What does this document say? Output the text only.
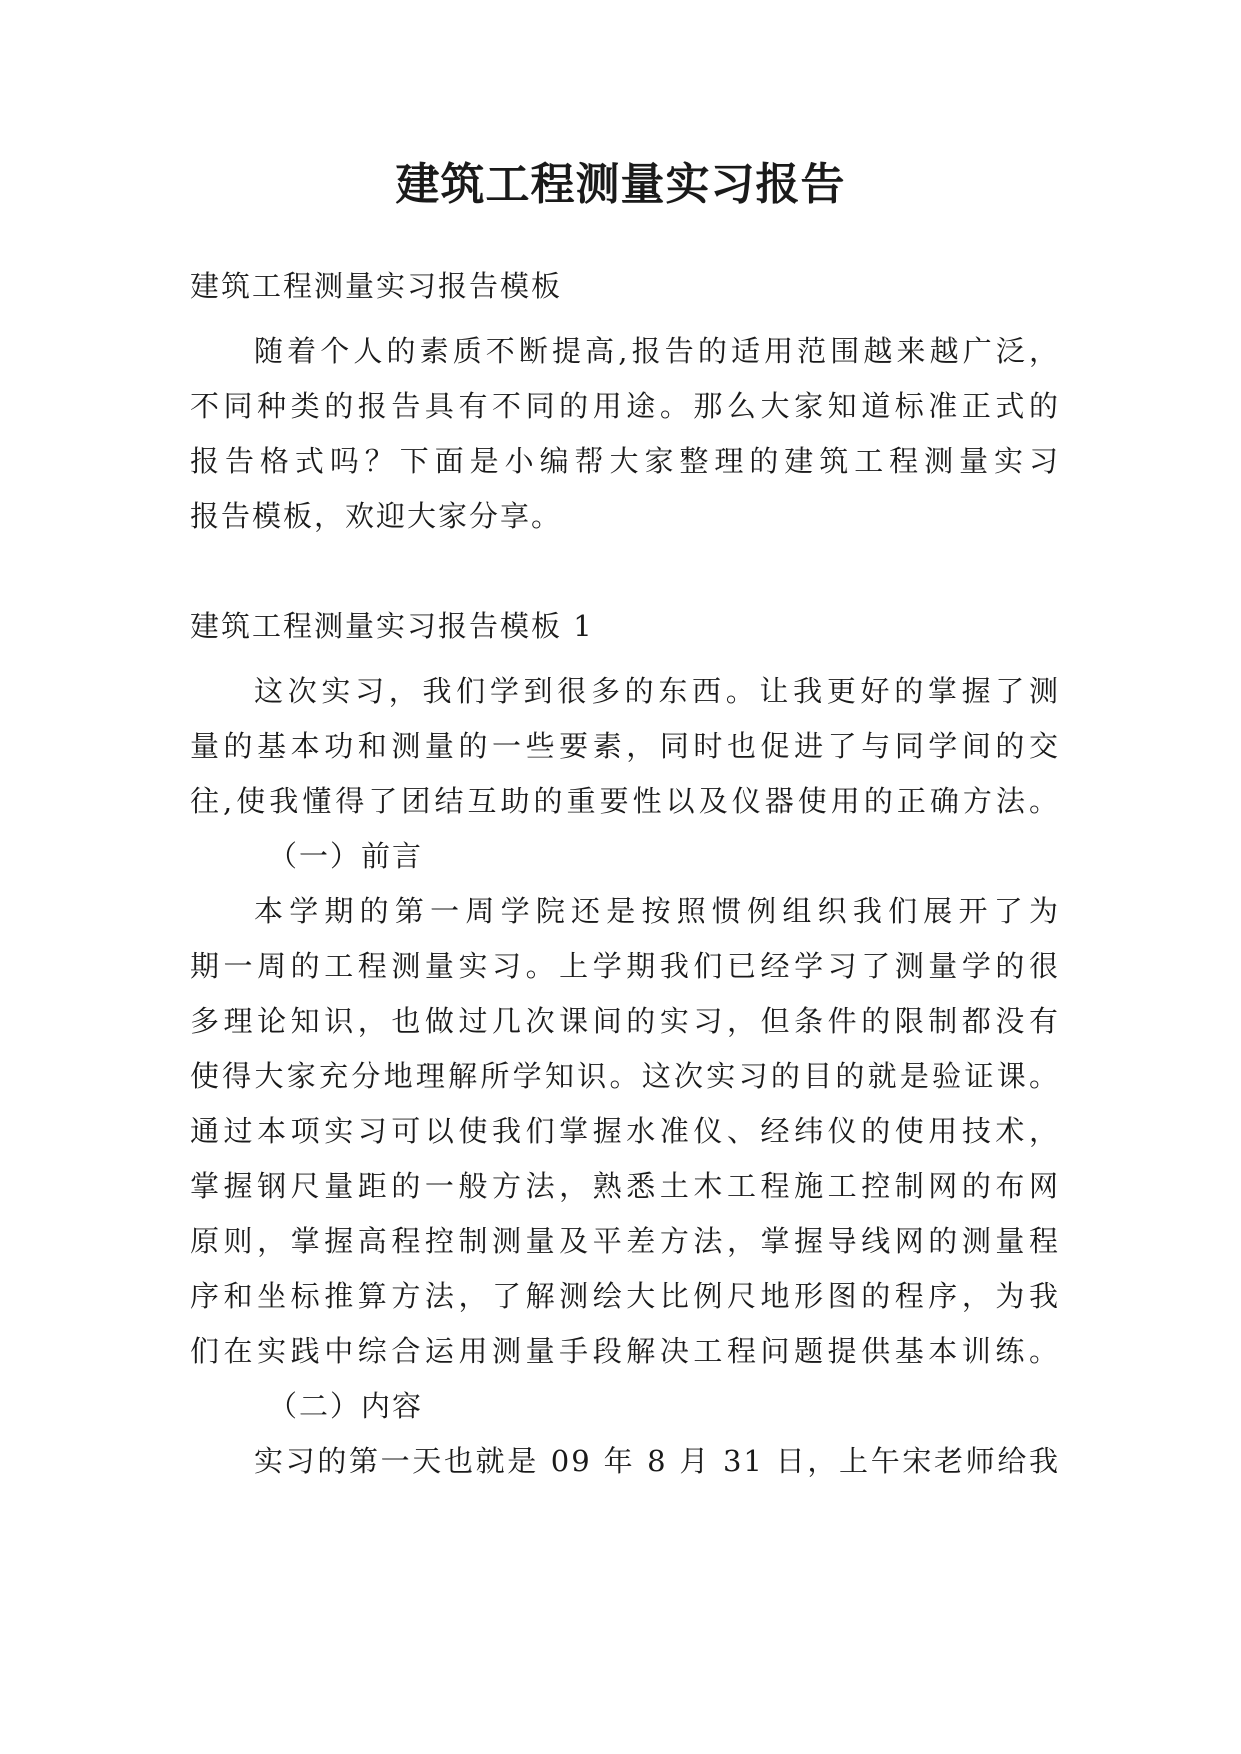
建筑工程测量实习报告
建筑工程测量实习报告模板
随着个人的素质不断提高,报告的适用范围越来越广泛，
不同种类的报告具有不同的用途。那么大家知道标准正式的
报告格式吗？下面是小编帮大家整理的建筑工程测量实习
报告模板，欢迎大家分享。
建筑工程测量实习报告模板 1
这次实习，我们学到很多的东西。让我更好的掌握了测
量的基本功和测量的一些要素，同时也促进了与同学间的交
往,使我懂得了团结互助的重要性以及仪器使用的正确方法。
（一）前言
本学期的第一周学院还是按照惯例组织我们展开了为
期一周的工程测量实习。上学期我们已经学习了测量学的很
多理论知识，也做过几次课间的实习，但条件的限制都没有
使得大家充分地理解所学知识。这次实习的目的就是验证课。
通过本项实习可以使我们掌握水准仪、经纬仪的使用技术，
掌握钢尺量距的一般方法，熟悉土木工程施工控制网的布网
原则，掌握高程控制测量及平差方法，掌握导线网的测量程
序和坐标推算方法，了解测绘大比例尺地形图的程序，为我
们在实践中综合运用测量手段解决工程问题提供基本训练。
（二）内容
实习的第一天也就是 09 年 8 月 31 日，上午宋老师给我
